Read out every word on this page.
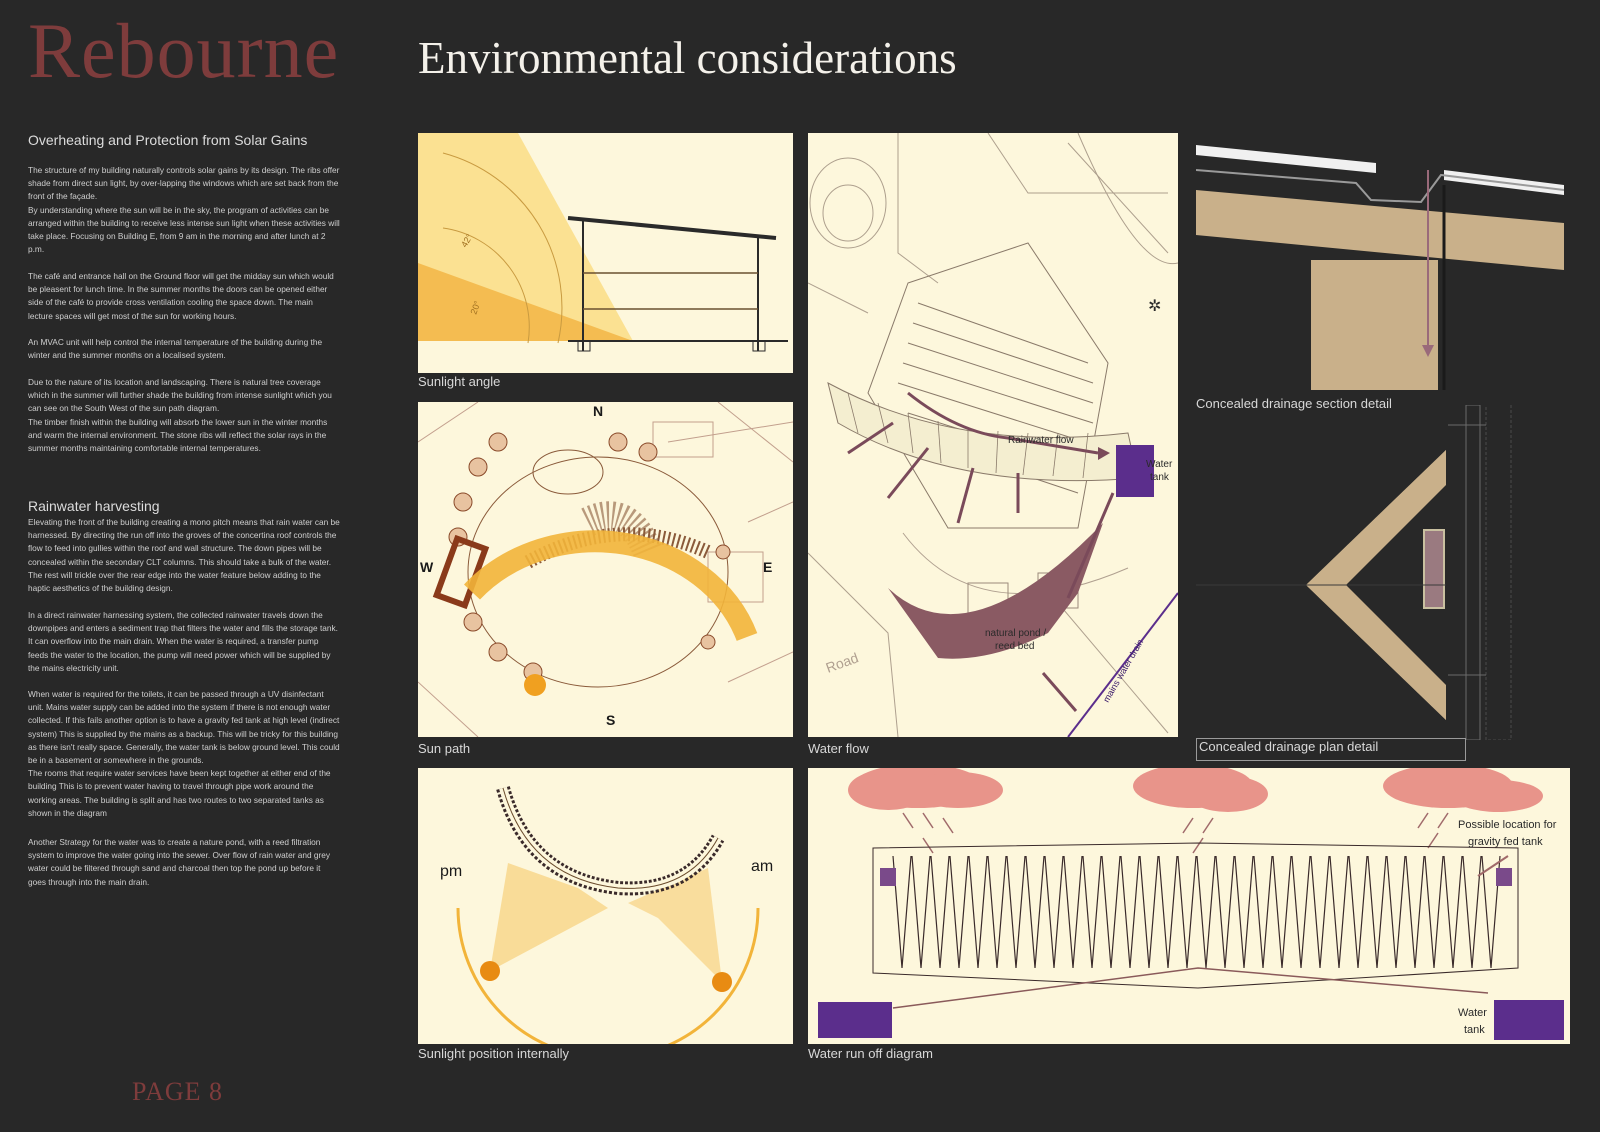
Rebourne Environmental considerations
Overheating and Protection from Solar Gains
The structure of my building naturally controls solar gains by its design. The ribs offer shade from direct sun light, by over-lapping the windows which are set back from the front of the façade.
By understanding where the sun will be in the sky, the program of activities can be arranged within the building to receive less intense sun light when these activities will take place. Focusing on Building E, from 9 am in the morning and after lunch at 2 p.m.
The café and entrance hall on the Ground floor will get the midday sun which would be pleasent for lunch time. In the summer months the doors can be opened either side of the café to provide cross ventilation cooling the space down. The main lecture spaces will get most of the sun for working hours.
An MVAC unit will help control the internal temperature of the building during the winter and the summer months on a localised system.
Due to the nature of its location and landscaping. There is natural tree coverage which in the summer will further shade the building from intense sunlight which you can see on the South West of the sun path diagram.
The timber finish within the building will absorb the lower sun in the winter months and warm the internal environment. The stone ribs will reflect the solar rays in the summer months maintaining comfortable internal temperatures.
Rainwater harvesting
Elevating the front of the building creating a mono pitch means that rain water can be harnessed. By directing the run off into the groves of the concertina roof controls the flow to feed into gullies within the roof and wall structure. The down pipes will be concealed within the secondary CLT columns. This should take a bulk of the water. The rest will trickle over the rear edge into the water feature below adding to the haptic aesthetics of the building design.
In a direct rainwater harnessing system, the collected rainwater travels down the downpipes and enters a sediment trap that filters the water and fills the storage tank. It can overflow into the main drain. When the water is required, a transfer pump feeds the water to the location, the pump will need power which will be supplied by the mains electricity unit.
When water is required for the toilets, it can be passed through a UV disinfectant unit. Mains water supply can be added into the system if there is not enough water collected. If this fails another option is to have a gravity fed tank at high level (indirect system) This is supplied by the mains as a backup. This will be tricky for this building as there isn't really space. Generally, the water tank is below ground level. This could be in a basement or somewhere in the grounds.
The rooms that require water services have been kept together at either end of the building This is to prevent water having to travel through pipe work around the working areas. The building is split and has two routes to two separated tanks as shown in the diagram
Another Strategy for the water was to create a nature pond, with a reed filtration system to improve the water going into the sewer. Over flow of rain water and grey water could be filtered through sand and charcoal then top the pond up before it goes through into the main drain.
42°
20°
Sunlight angle
N
W	E
S
Sun path
pm	am
Sunlight position internally
Rainwater flow
Water
tank
natural pond /
reed bed	mains water drain
Road
✲
Water flow
Concealed drainage section detail
Concealed drainage plan detail
Possible location for
gravity fed tank
Water
tank
Water run off diagram
PAGE 8
